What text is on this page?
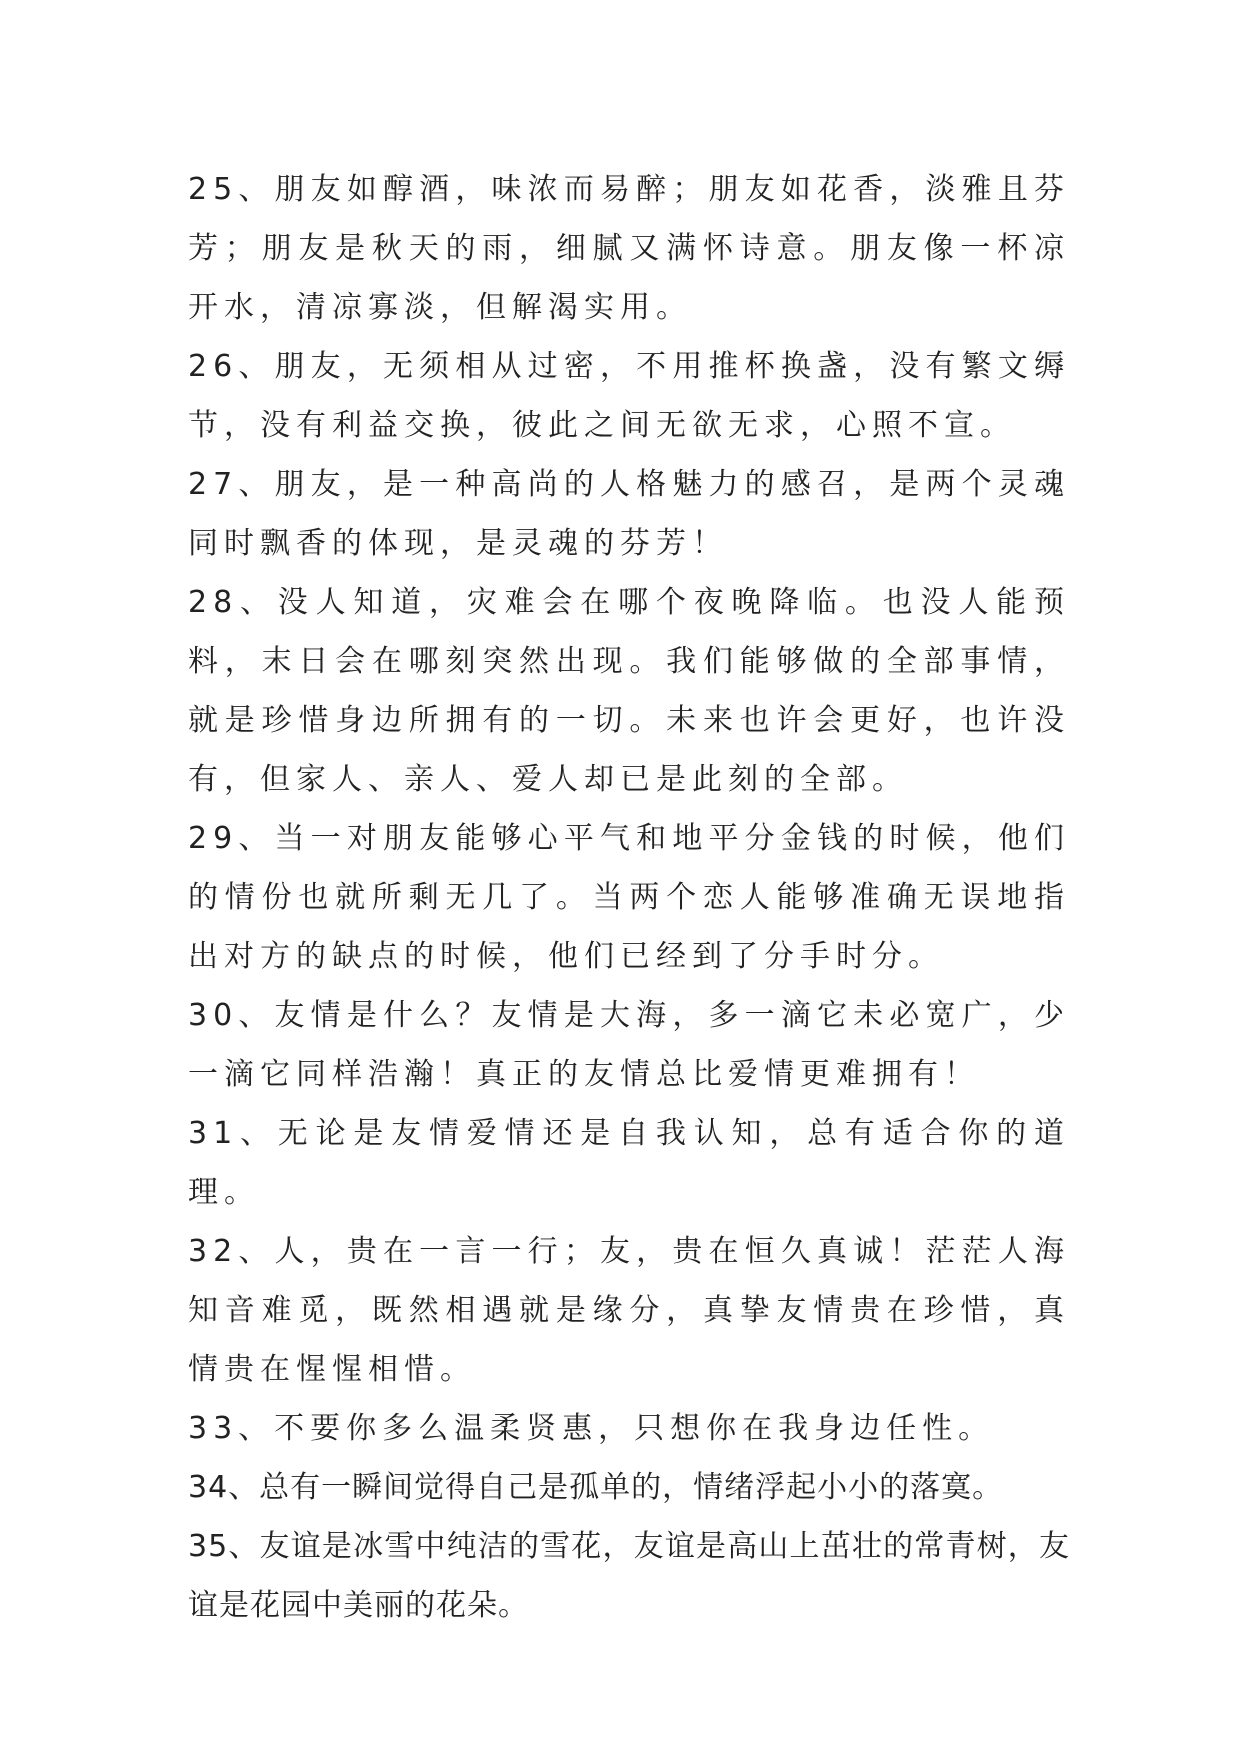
25、朋友如醇酒，味浓而易醉；朋友如花香，淡雅且芬芳；朋友是秋天的雨，细腻又满怀诗意。朋友像一杯凉开水，清凉寡淡，但解渴实用。

26、朋友，无须相从过密，不用推杯换盏，没有繁文缛节，没有利益交换，彼此之间无欲无求，心照不宣。

27、朋友，是一种高尚的人格魅力的感召，是两个灵魂同时飘香的体现，是灵魂的芬芳！

28、没人知道，灾难会在哪个夜晚降临。也没人能预料，末日会在哪刻突然出现。我们能够做的全部事情，就是珍惜身边所拥有的一切。未来也许会更好，也许没有，但家人、亲人、爱人却已是此刻的全部。

29、当一对朋友能够心平气和地平分金钱的时候，他们的情份也就所剩无几了。当两个恋人能够准确无误地指出对方的缺点的时候，他们已经到了分手时分。

30、友情是什么？友情是大海，多一滴它未必宽广，少一滴它同样浩瀚！真正的友情总比爱情更难拥有！

31、无论是友情爱情还是自我认知，总有适合你的道理。

32、人，贵在一言一行；友，贵在恒久真诚！茫茫人海知音难觅，既然相遇就是缘分，真挚友情贵在珍惜，真情贵在惺惺相惜。

33、不要你多么温柔贤惠，只想你在我身边任性。

34、总有一瞬间觉得自己是孤单的，情绪浮起小小的落寞。

35、友谊是冰雪中纯洁的雪花，友谊是高山上茁壮的常青树，友谊是花园中美丽的花朵。
